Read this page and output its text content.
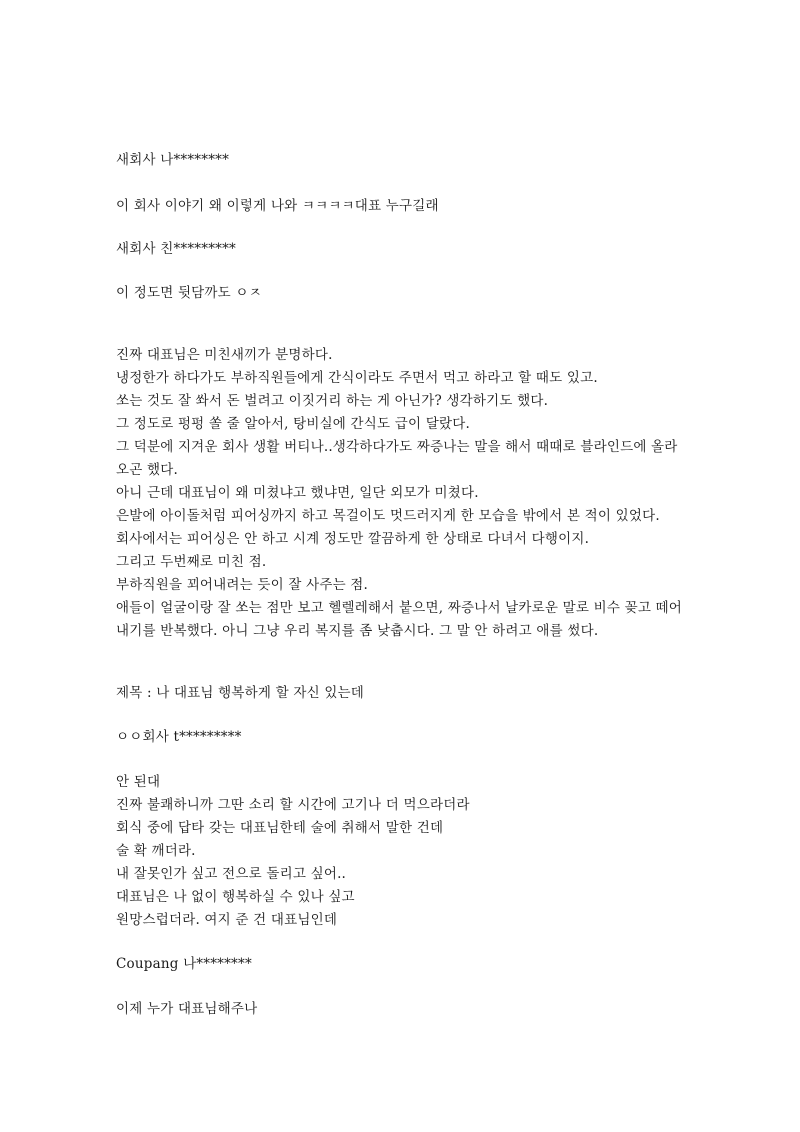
새회사 나********
이 회사 이야기 왜 이렇게 나와 ㅋㅋㅋㅋ대표 누구길래
새회사 친*********
이 정도면 뒷담까도 ㅇㅈ
진짜 대표님은 미친새끼가 분명하다.
냉정한가 하다가도 부하직원들에게 간식이라도 주면서 먹고 하라고 할 때도 있고.
쏘는 것도 잘 쏴서 돈 벌려고 이짓거리 하는 게 아닌가? 생각하기도 했다.
그 정도로 펑펑 쏠 줄 알아서, 탕비실에 간식도 급이 달랐다.
그 덕분에 지겨운 회사 생활 버티나..생각하다가도 짜증나는 말을 해서 때때로 블라인드에 올라
오곤 했다.
아니 근데 대표님이 왜 미쳤냐고 했냐면, 일단 외모가 미쳤다.
은발에 아이돌처럼 피어싱까지 하고 목걸이도 멋드러지게 한 모습을 밖에서 본 적이 있었다.
회사에서는 피어싱은 안 하고 시계 정도만 깔끔하게 한 상태로 다녀서 다행이지.
그리고 두번째로 미친 점.
부하직원을 꾀어내려는 듯이 잘 사주는 점.
애들이 얼굴이랑 잘 쏘는 점만 보고 헬렐레해서 붙으면, 짜증나서 날카로운 말로 비수 꽂고 떼어
내기를 반복했다. 아니 그냥 우리 복지를 좀 낮춥시다. 그 말 안 하려고 애를 썼다.
제목 : 나 대표님 행복하게 할 자신 있는데
ㅇㅇ회사 t*********
안 된대
진짜 불쾌하니까 그딴 소리 할 시간에 고기나 더 먹으라더라
회식 중에 답타 갖는 대표님한테 술에 취해서 말한 건데
술 확 깨더라.
내 잘못인가 싶고 전으로 돌리고 싶어..
대표님은 나 없이 행복하실 수 있나 싶고
원망스럽더라. 여지 준 건 대표님인데
Coupang 나********
이제 누가 대표님해주나
